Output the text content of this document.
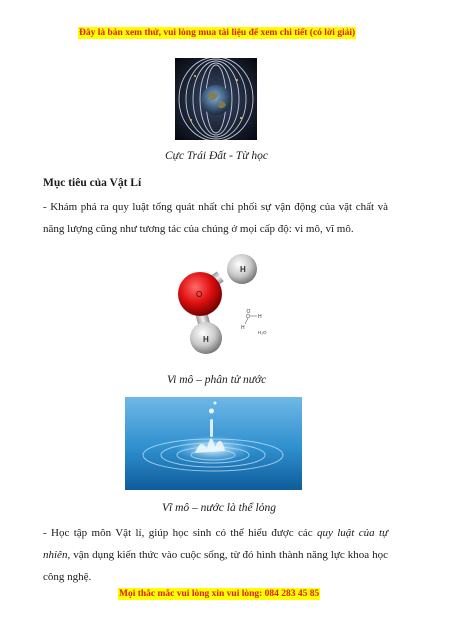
Đây là bản xem thử, vui lòng mua tài liệu để xem chi tiết (có lời giải)
Cực Trái Đất - Từ học
Mục tiêu của Vật Lí
- Khám phá ra quy luật tổng quát nhất chi phối sự vận động của vật chất và năng lượng cũng như tương tác của chúng ở mọi cấp độ: vi mô, vĩ mô.
O
H
H
H
O
H
H₂O
Vi mô – phân tử nước
Vĩ mô – nước là thể lỏng
- Học tập môn Vật lí, giúp học sinh có thể hiểu được các quy luật của tự nhiên, vận dụng kiến thức vào cuộc sống, từ đó hình thành năng lực khoa học công nghệ.
Mọi thắc mắc vui lòng xin vui lòng: 084 283 45 85
